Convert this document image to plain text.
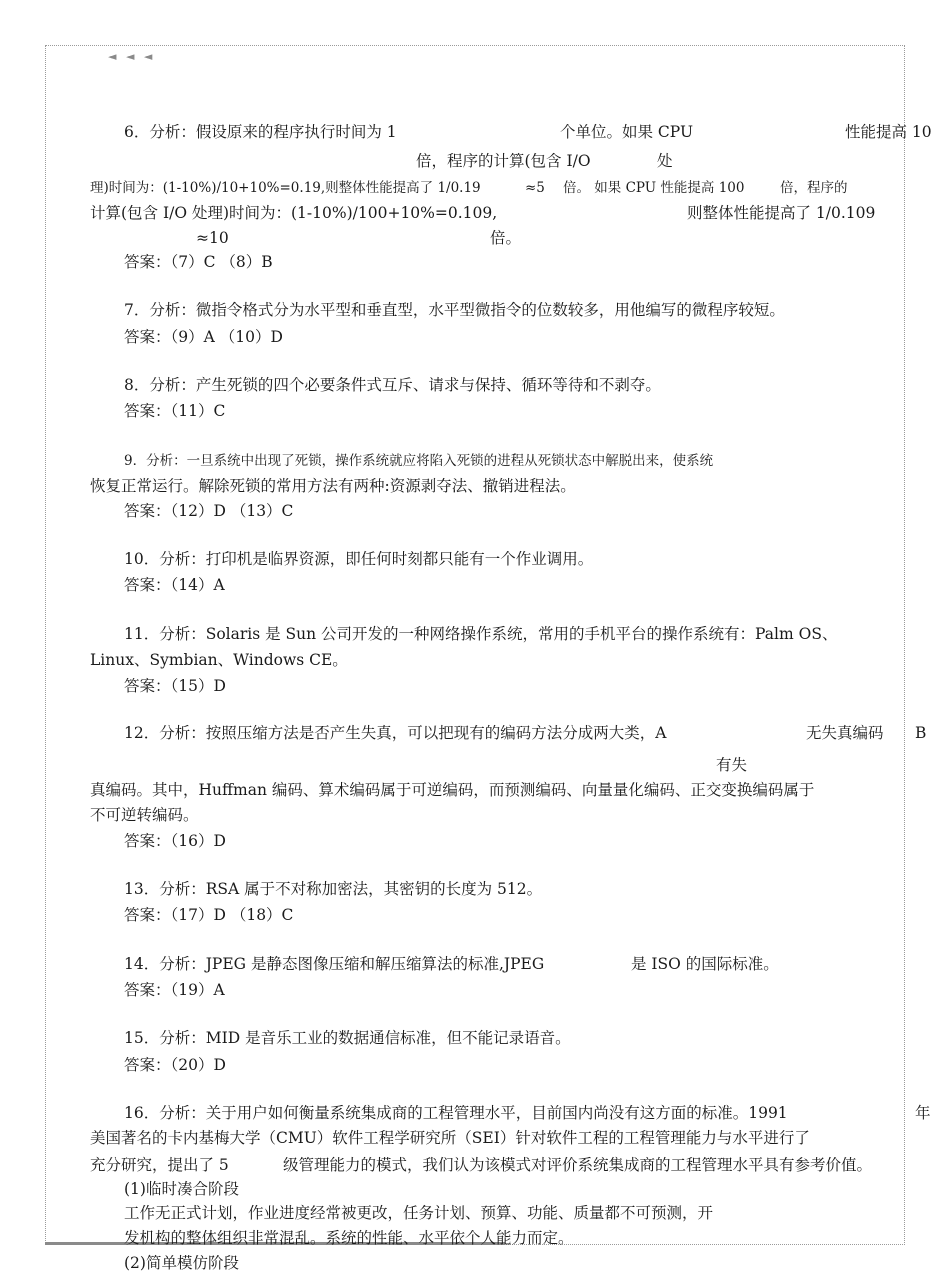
◄ ◄ ◄
6．分析：假设原来的程序执行时间为 1	个单位。如果 CPU	性能提高 10
倍，程序的计算(包含 I/O	处
理)时间为：(1-10%)/10+10%=0.19,则整体性能提高了 1/0.19	≈5 倍。 如果 CPU 性能提高 100	倍，程序的
计算(包含 I/O 处理)时间为：(1-10%)/100+10%=0.109,	则整体性能提高了 1/0.109
≈10	倍。
答案：（7）C （8）B
7．分析：微指令格式分为水平型和垂直型，水平型微指令的位数较多，用他编写的微程序较短。
答案：（9）A （10）D
8．分析：产生死锁的四个必要条件式互斥、请求与保持、循环等待和不剥夺。
答案：（11）C
9．分析：一旦系统中出现了死锁，操作系统就应将陷入死锁的进程从死锁状态中解脱出来，使系统
恢复正常运行。解除死锁的常用方法有两种:资源剥夺法、撤销进程法。
答案：（12）D （13）C
10．分析：打印机是临界资源，即任何时刻都只能有一个作业调用。
答案：（14）A
11．分析：Solaris 是 Sun 公司开发的一种网络操作系统，常用的手机平台的操作系统有：Palm OS、
Linux、Symbian、Windows CE。
答案：（15）D
12．分析：按照压缩方法是否产生失真，可以把现有的编码方法分成两大类，A	无失真编码 B
有失
真编码。其中，Huffman 编码、算术编码属于可逆编码，而预测编码、向量量化编码、正交变换编码属于
不可逆转编码。
答案：（16）D
13．分析：RSA 属于不对称加密法，其密钥的长度为 512。
答案：（17）D （18）C
14．分析：JPEG 是静态图像压缩和解压缩算法的标准,JPEG	是 ISO 的国际标准。
答案：（19）A
15．分析：MID 是音乐工业的数据通信标准，但不能记录语音。
答案：（20）D
16．分析：关于用户如何衡量系统集成商的工程管理水平，目前国内尚没有这方面的标准。1991	年
美国著名的卡内基梅大学（CMU）软件工程学研究所（SEI）针对软件工程的工程管理能力与水平进行了
充分研究，提出了 5	级管理能力的模式，我们认为该模式对评价系统集成商的工程管理水平具有参考价值。
(1)临时凑合阶段
工作无正式计划，作业进度经常被更改，任务计划、预算、功能、质量都不可预测，开
发机构的整体组织非常混乱。系统的性能、水平依个人能力而定。
(2)简单模仿阶段
